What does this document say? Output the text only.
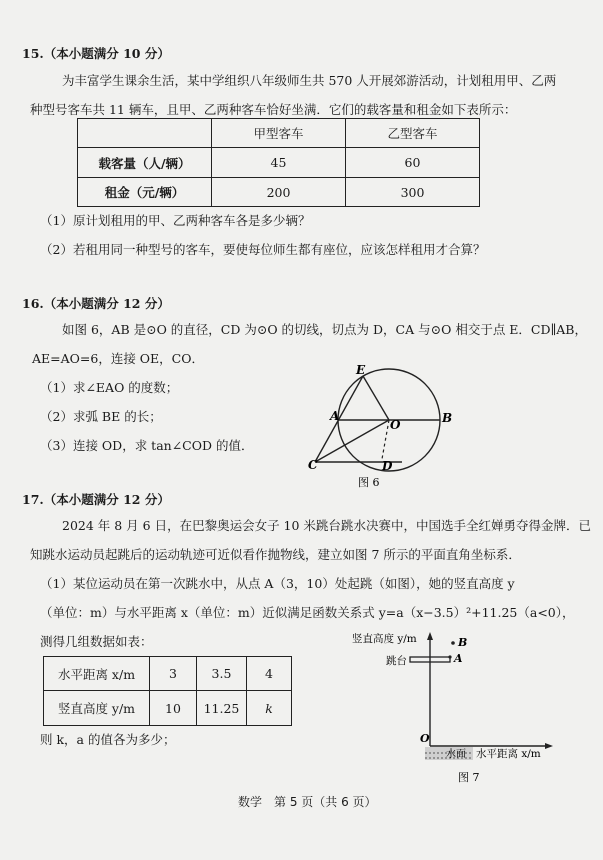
15.（本小题满分 10 分）
为丰富学生课余生活，某中学组织八年级师生共 570 人开展郊游活动，计划租用甲、乙两
种型号客车共 11 辆车，且甲、乙两种客车恰好坐满．它们的载客量和租金如下表所示：
	甲型客车	乙型客车
载客量（人/辆）	45	60
租金（元/辆）	200	300
（1）原计划租用的甲、乙两种客车各是多少辆？
（2）若租用同一种型号的客车，要使每位师生都有座位，应该怎样租用才合算？
16.（本小题满分 12 分）
如图 6，AB 是⊙O 的直径，CD 为⊙O 的切线，切点为 D，CA 与⊙O 相交于点 E．CD∥AB，
AE=AO=6，连接 OE，CO．
（1）求∠EAO 的度数；
（2）求弧 BE 的长；
（3）连接 OD，求 tan∠COD 的值．
E
A
O	B
C	D
图 6
17.（本小题满分 12 分）
2024 年 8 月 6 日，在巴黎奥运会女子 10 米跳台跳水决赛中，中国选手全红婵勇夺得金牌．已
知跳水运动员起跳后的运动轨迹可近似看作抛物线，建立如图 7 所示的平面直角坐标系．
（1）某位运动员在第一次跳水中，从点 A（3，10）处起跳（如图），她的竖直高度 y
（单位：m）与水平距离 x（单位：m）近似满足函数关系式 y=a（x−3.5）²+11.25（a<0），
测得几组数据如表：
水平距离 x/m	3	3.5	4
竖直高度 y/m	10	11.25	k
则 k，a 的值各为多少；
竖直高度 y/m	B
A
跳台
O
水面 水平距离 x/m
图 7
数学　第 5 页（共 6 页）
